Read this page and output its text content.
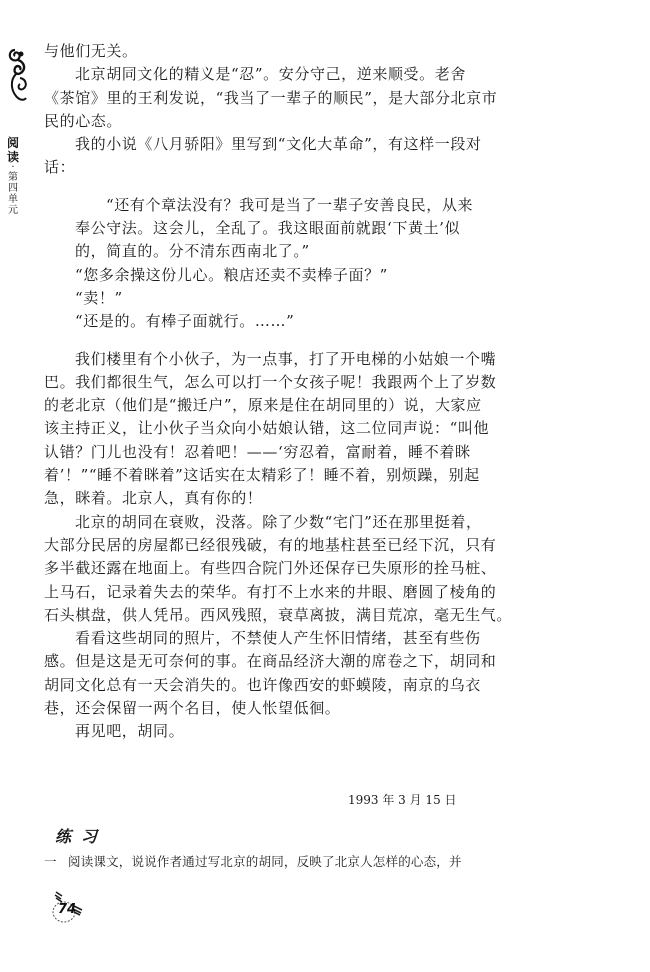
阅
读
·
第
四
单
元
与他们无关。
北京胡同文化的精义是“忍”。安分守己，逆来顺受。老舍
《茶馆》里的王利发说，“我当了一辈子的顺民”，是大部分北京市
民的心态。
我的小说《八月骄阳》里写到“文化大革命”，有这样一段对
话：
“还有个章法没有？我可是当了一辈子安善良民，从来
奉公守法。这会儿，全乱了。我这眼面前就跟‘下黄土’似
的，简直的。分不清东西南北了。”
“您多余操这份儿心。粮店还卖不卖棒子面？”
“卖！”
“还是的。有棒子面就行。……”
我们楼里有个小伙子，为一点事，打了开电梯的小姑娘一个嘴
巴。我们都很生气，怎么可以打一个女孩子呢！我跟两个上了岁数
的老北京（他们是“搬迁户”，原来是住在胡同里的）说，大家应
该主持正义，让小伙子当众向小姑娘认错，这二位同声说：“叫他
认错？门儿也没有！忍着吧！——‘穷忍着，富耐着，睡不着眯
着’！”“睡不着眯着”这话实在太精彩了！睡不着，别烦躁，别起
急，眯着。北京人，真有你的！
北京的胡同在衰败，没落。除了少数“宅门”还在那里挺着，
大部分民居的房屋都已经很残破，有的地基柱甚至已经下沉，只有
多半截还露在地面上。有些四合院门外还保存已失原形的拴马桩、
上马石，记录着失去的荣华。有打不上水来的井眼、磨圆了棱角的
石头棋盘，供人凭吊。西风残照，衰草离披，满目荒凉，毫无生气。
看看这些胡同的照片，不禁使人产生怀旧情绪，甚至有些伤
感。但是这是无可奈何的事。在商品经济大潮的席卷之下，胡同和
胡同文化总有一天会消失的。也许像西安的虾蟆陵，南京的乌衣
巷，还会保留一两个名目，使人怅望低徊。
再见吧，胡同。
1993 年 3 月 15 日
练习
一 阅读课文，说说作者通过写北京的胡同，反映了北京人怎样的心态，并
74
